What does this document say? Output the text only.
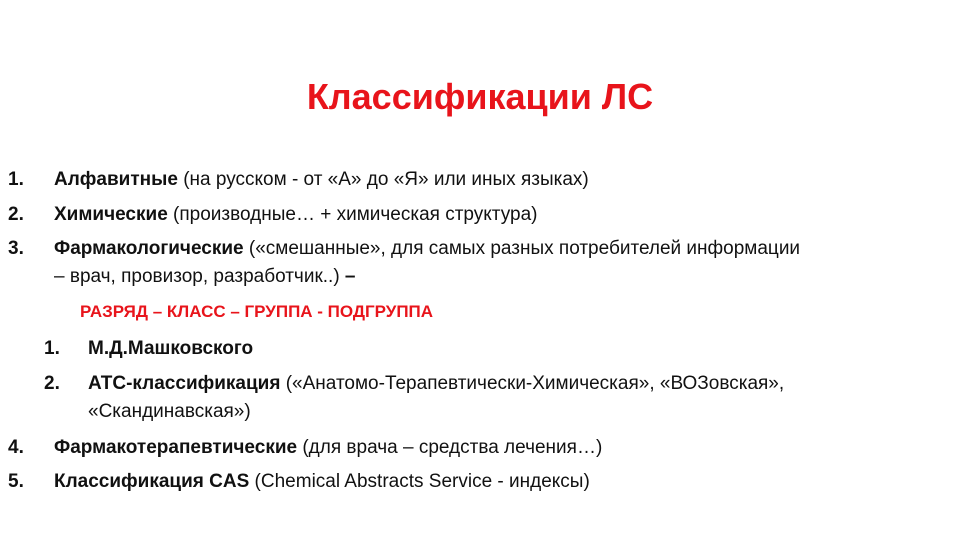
Классификации ЛС
1. Алфавитные (на русском - от «А» до «Я» или иных языках)
2. Химические (производные… + химическая структура)
3. Фармакологические («смешанные», для самых разных потребителей информации
– врач, провизор, разработчик..) –
РАЗРЯД – КЛАСС – ГРУППА - ПОДГРУППА
1. М.Д.Машковского
2. АТС-классификация («Анатомо-Терапевтически-Химическая», «ВОЗовская»,
«Скандинавская»)
4. Фармакотерапевтические (для врача – средства лечения…)
5. Классификация CAS (Chemical Abstracts Service - индексы)
